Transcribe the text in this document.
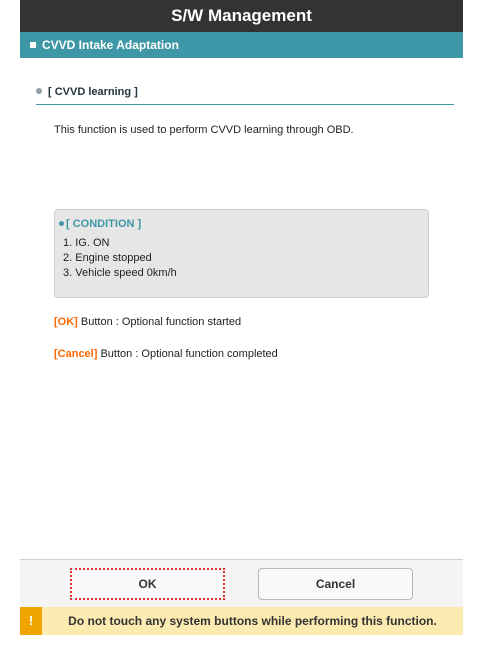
S/W Management
CVVD Intake Adaptation
[ CVVD learning ]
This function is used to perform CVVD learning through OBD.
[ CONDITION ]
1. IG. ON
2. Engine stopped
3. Vehicle speed 0km/h
[OK] Button : Optional function started
[Cancel] Button : Optional function completed
OK	Cancel
!	Do not touch any system buttons while performing this function.
